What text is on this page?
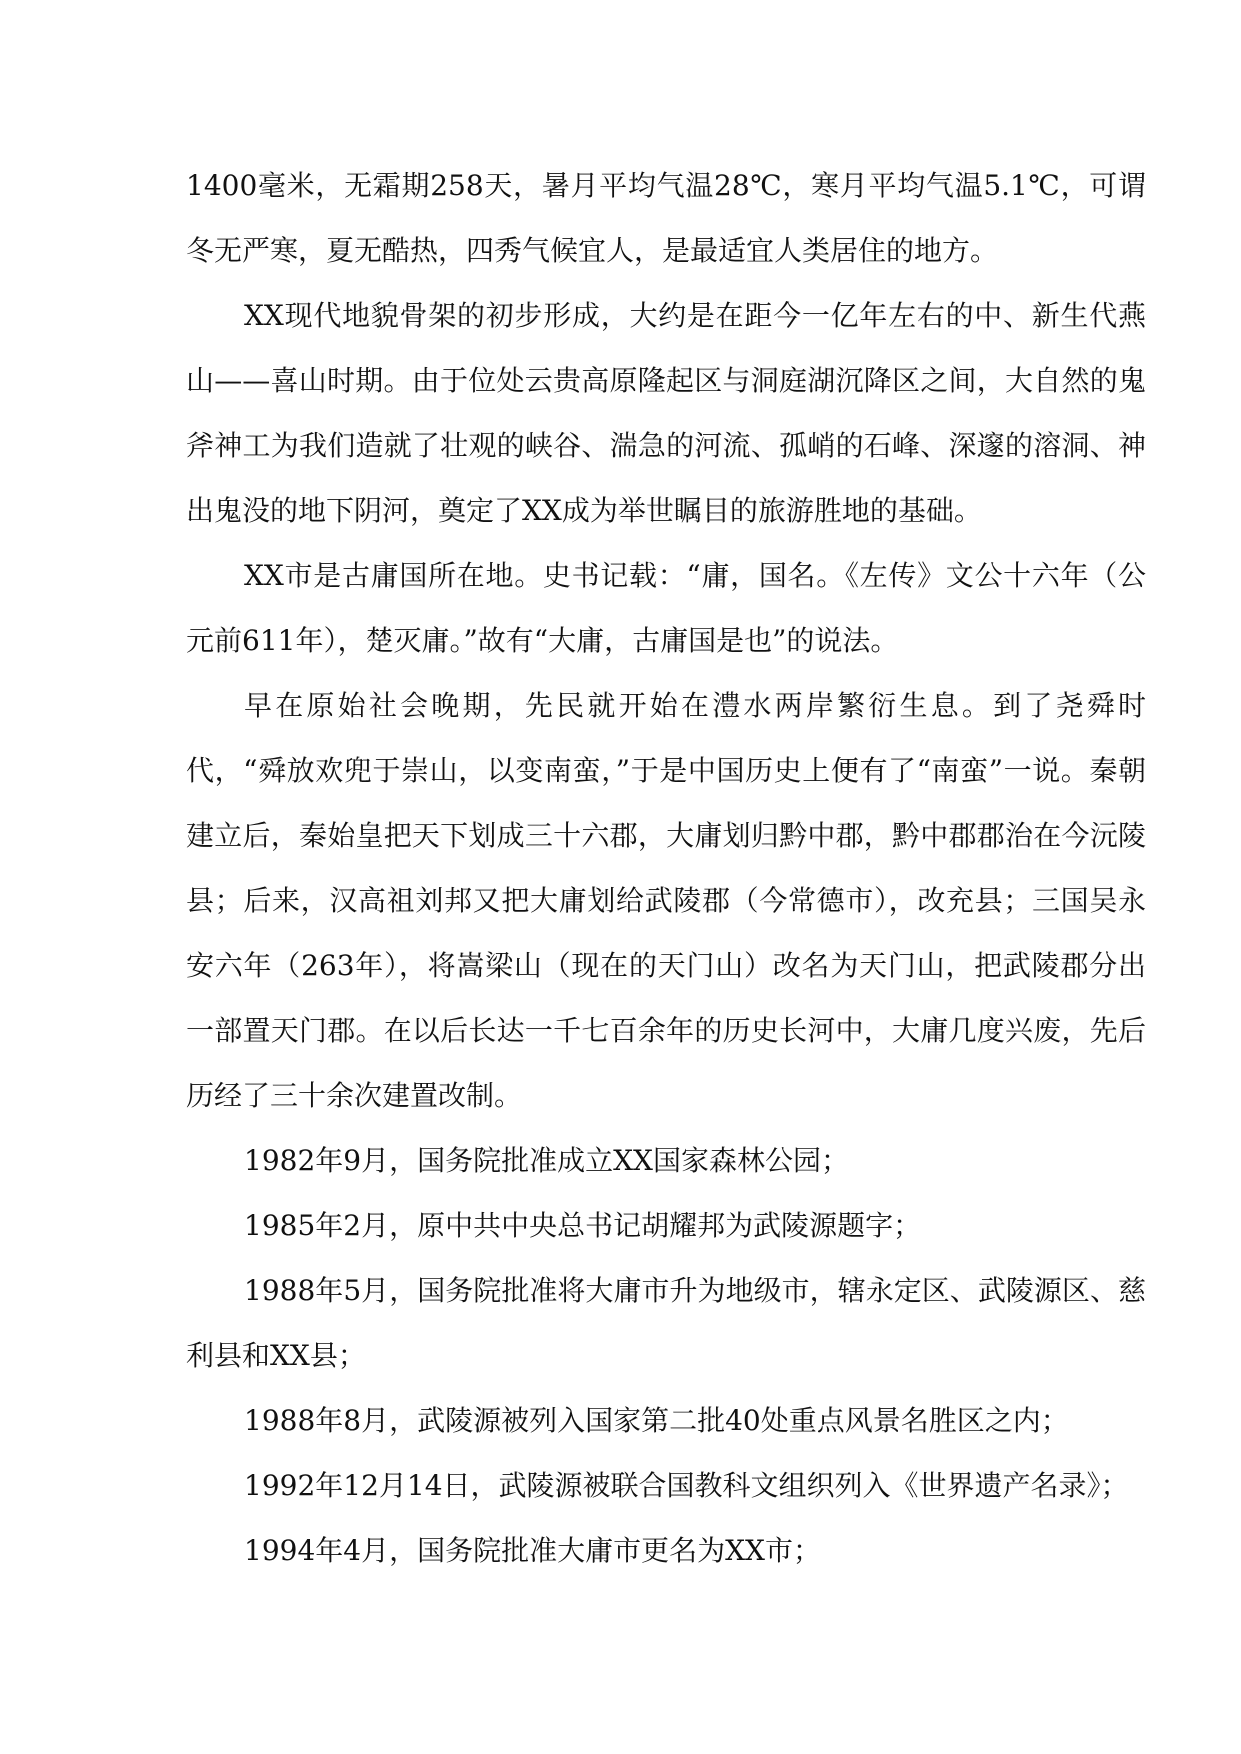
1400毫米，无霜期258天，暑月平均气温28℃，寒月平均气温5.1℃，可谓冬无严寒，夏无酷热，四秀气候宜人，是最适宜人类居住的地方。

XX现代地貌骨架的初步形成，大约是在距今一亿年左右的中、新生代燕山——喜山时期。由于位处云贵高原隆起区与洞庭湖沉降区之间，大自然的鬼斧神工为我们造就了壮观的峡谷、湍急的河流、孤峭的石峰、深邃的溶洞、神出鬼没的地下阴河，奠定了XX成为举世瞩目的旅游胜地的基础。

XX市是古庸国所在地。史书记载：“庸，国名。《左传》文公十六年（公元前611年），楚灭庸。”故有“大庸，古庸国是也”的说法。

早在原始社会晚期，先民就开始在澧水两岸繁衍生息。到了尧舜时代，“舜放欢兜于崇山，以变南蛮，”于是中国历史上便有了“南蛮”一说。秦朝建立后，秦始皇把天下划成三十六郡，大庸划归黔中郡，黔中郡郡治在今沅陵县；后来，汉高祖刘邦又把大庸划给武陵郡（今常德市），改充县；三国吴永安六年（263年），将嵩梁山（现在的天门山）改名为天门山，把武陵郡分出一部置天门郡。在以后长达一千七百余年的历史长河中，大庸几度兴废，先后历经了三十余次建置改制。

1982年9月，国务院批准成立XX国家森林公园；

1985年2月，原中共中央总书记胡耀邦为武陵源题字；

1988年5月，国务院批准将大庸市升为地级市，辖永定区、武陵源区、慈利县和XX县；

1988年8月，武陵源被列入国家第二批40处重点风景名胜区之内；

1992年12月14日，武陵源被联合国教科文组织列入《世界遗产名录》；

1994年4月，国务院批准大庸市更名为XX市；
